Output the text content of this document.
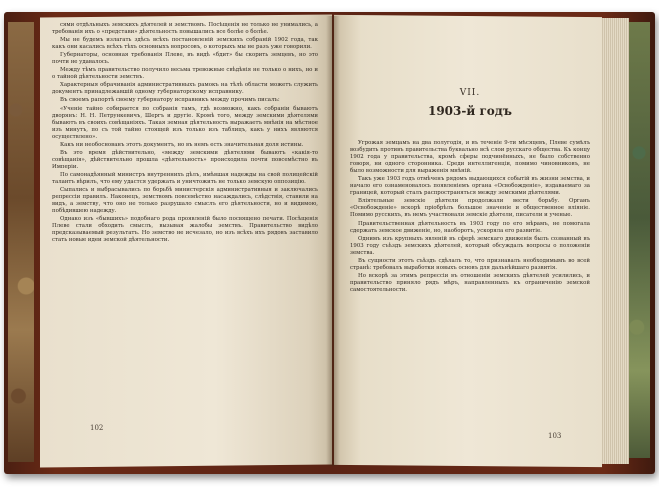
сями отдѣльныхъ земскихъ дѣятелей и земствомъ. Посѣщенія не только не унимались, а требованія ихъ о «представи» дѣятельность повышались все болѣе о болѣе.

Мы не будемъ излагать здѣсь всѣхъ постановленій земскихъ собраній 1902 года, так какъ они касались всѣхъ тѣхъ основныхъ вопросовъ, о которыхъ мы не разъ уже говорили.

Губернаторы, основная требованія Плеве, въ видѣ «бдит» бы скорить земцевъ, но это почти не удавалось.

Между тѣмъ правительство получило весьма тревожные свѣдѣнія не только о нихъ, но и о тайной дѣятельности земствъ.

Характерныя обрачиванія административныхъ рамокъ на тѣлѣ области можетъ служить документъ принадлежавшій одному губернаторскому исправнику.

Въ своемъ рапортѣ своему губернатору исправникъ между прочимъ писалъ:

«Ученіе тайно собирается по собранія тамъ, гдѣ возможно, какъ собраніи бываютъ дворянъ: Н. Н. Петрункевичъ, Шергъ и другіе. Кромѣ того, между земскими дѣятелями бываютъ въ своихъ совѣщаніяхъ. Такая земная дѣятельность выражаетъ мнѣнія на мѣстное изъ минутъ, по съ той тайно стоящей изъ только изъ таблицъ, какъ у нихъ являются осуществлено».

Какъ ни необоснованъ этотъ документъ, но въ немъ есть значительная доля истины.

Въ это время дѣйствительно, «между земскими дѣятелями бываютъ «какія-то совѣщанія», дѣйствительно прошла «дѣятельность» происходила почти повсемѣстно въ Имперіи.

По самонадѣянный министръ внутреннихъ дѣлъ, имѣвшая надежды на свой полицейскій талантъ вѣрилъ, что ему удастся удержать и уничтожить не только земскую оппозицію.

Сыпались и выбрасывались по борьбѣ министерскія административныя и заключались репрессіи правилъ. Наконецъ, земствомъ повсемѣстно насаждались, слѣдствія, ставили на видъ, а земству, что оно не только разрушало смыслъ его дѣятельности, но и видимою, побѣдившею надежду.

Однако изъ «бывшихъ» подобнаго рода проявленій было посвящено печати. Посѣщенія Плеве стали обходить смыслъ, вызывая жалобы земствъ. Правительство видѣло предсказываемый результатъ. Но земство не исчезало, но изъ всѣхъ ихъ рядовъ заставило стать новые идеи земской дѣятельности.

102
VII.
1903-й годъ

Угрожая земцамъ на два полугодія, и въ теченіе 9-ти мѣсяцевъ, Плеве сумѣлъ возбудить противъ правительства буквально всѣ слои русскаго общества. Къ концу 1902 года у правительства, кромѣ сферы подчинённыхъ, не было собственно говоря, ни одного сторонника. Среди интеллигенціи, помимо чиновниковъ, не было возможности для выраженія мнѣній.

Такъ уже 1903 годъ отмѣченъ рядомъ выдающихся событій въ жизни земства, и начало его ознаменовалось появленіемъ органа «Освобожденіе», издаваемаго за границей, который сталъ распространяться между земскими дѣятелями.

Вліятельные земскіе дѣятели продолжали вести борьбу. Органъ «Освобожденіе» вскорѣ пріобрѣлъ большое значеніе и общественное вліяніе. Помимо русскихъ, въ немъ участвовали земскіе дѣятели, писатели и ученые.

Правительственная дѣятельность въ 1903 году по его мѣрамъ, не помогала сдержать земское движеніе, но, наоборотъ, ускоряла его развитіе.

Однимъ изъ крупныхъ явленій въ сферѣ земскаго движенія былъ созванный въ 1903 году съѣздъ земскихъ дѣятелей, который обсуждалъ вопросы о положеніи земства.

Въ сущности этотъ съѣздъ сдѣлалъ то, что признавалъ необходимымъ во всей странѣ: требовалъ выработки новыхъ основъ для дальнѣйшаго развитія.

Но вскорѣ за этимъ репрессіи въ отношеніи земскихъ дѣятелей усилились, и правительство приняло рядъ мѣръ, направленныхъ къ ограниченію земской самостоятельности.

103
